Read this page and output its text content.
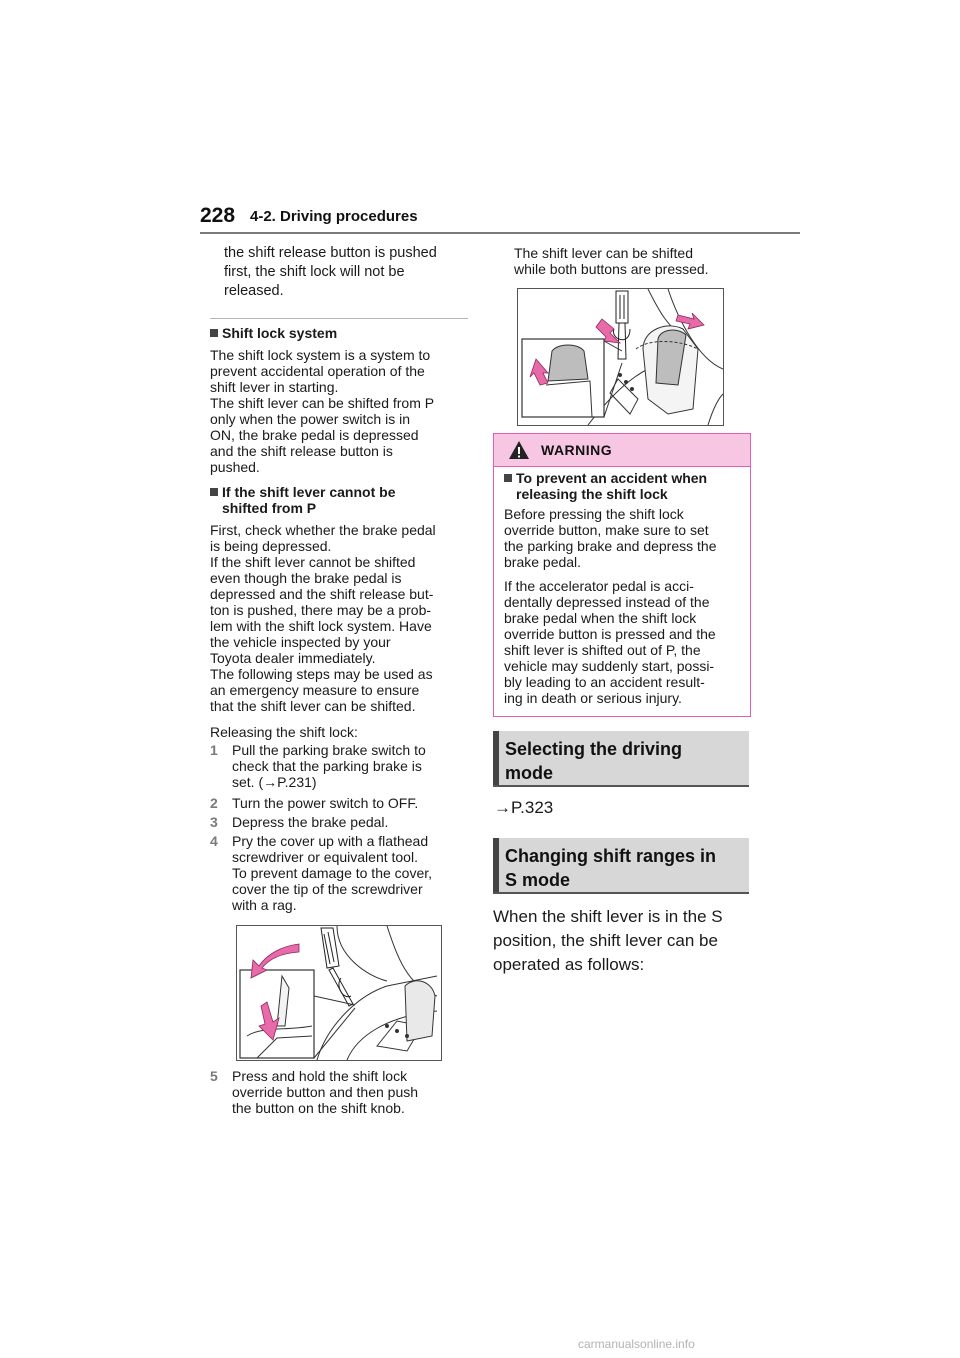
228 4-2. Driving procedures
the shift release button is pushed
first, the shift lock will not be
released.
Shift lock system
The shift lock system is a system to
prevent accidental operation of the
shift lever in starting.
The shift lever can be shifted from P
only when the power switch is in
ON, the brake pedal is depressed
and the shift release button is
pushed.
If the shift lever cannot be
shifted from P
First, check whether the brake pedal
is being depressed.
If the shift lever cannot be shifted
even though the brake pedal is
depressed and the shift release but-
ton is pushed, there may be a prob-
lem with the shift lock system. Have
the vehicle inspected by your
Toyota dealer immediately.
The following steps may be used as
an emergency measure to ensure
that the shift lever can be shifted.
Releasing the shift lock:
1 Pull the parking brake switch to
check that the parking brake is
set. (→P.231)
2 Turn the power switch to OFF.
3 Depress the brake pedal.
4 Pry the cover up with a flathead
screwdriver or equivalent tool.
To prevent damage to the cover,
cover the tip of the screwdriver
with a rag.
5 Press and hold the shift lock
override button and then push
the button on the shift knob.
The shift lever can be shifted
while both buttons are pressed.
WARNING
To prevent an accident when
releasing the shift lock
Before pressing the shift lock
override button, make sure to set
the parking brake and depress the
brake pedal.
If the accelerator pedal is acci-
dentally depressed instead of the
brake pedal when the shift lock
override button is pressed and the
shift lever is shifted out of P, the
vehicle may suddenly start, possi-
bly leading to an accident result-
ing in death or serious injury.
Selecting the driving
mode
→P.323
Changing shift ranges in
S mode
When the shift lever is in the S
position, the shift lever can be
operated as follows:
carmanualsonline.info
